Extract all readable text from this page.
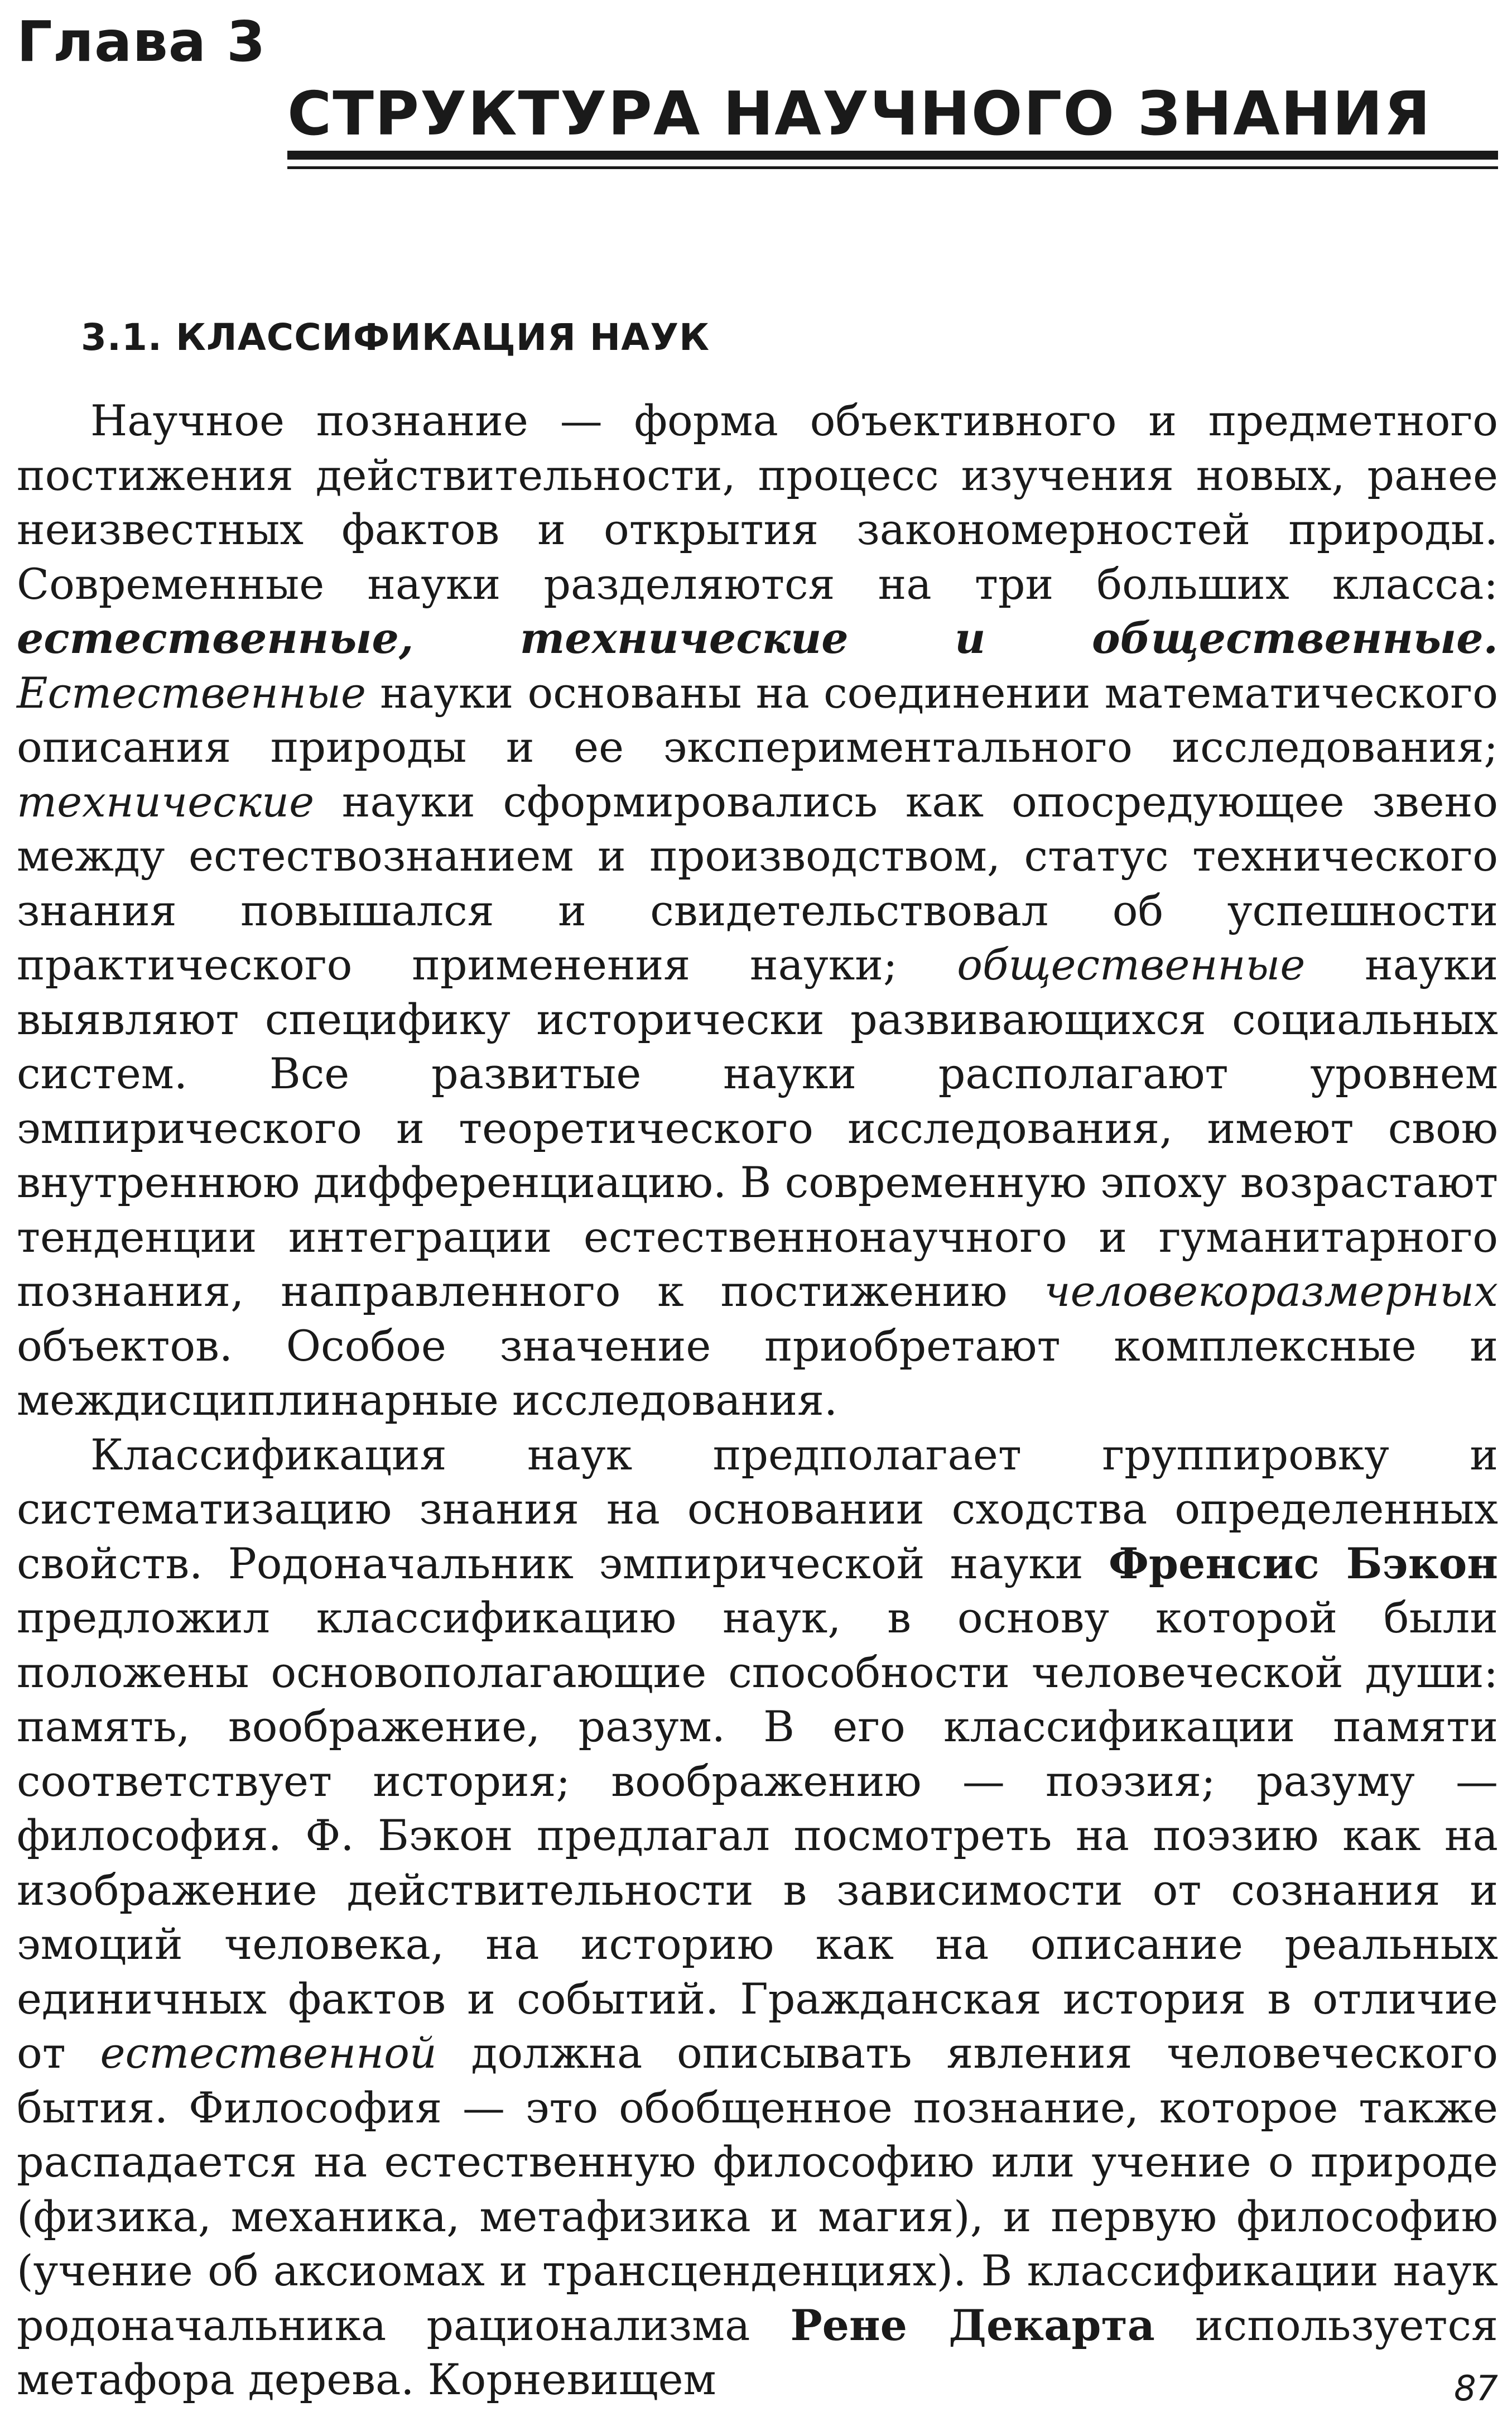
Глава 3
СТРУКТУРА НАУЧНОГО ЗНАНИЯ
3.1. КЛАССИФИКАЦИЯ НАУК

Научное познание — форма объективного и предметного постижения действительности, процесс изучения новых, ранее неизвестных фактов и открытия закономерностей природы. Современные науки разделяются на три больших класса: естественные, технические и общественные. Естественные науки основаны на соединении математического описания природы и ее экспериментального исследования; технические науки сформировались как опосредующее звено между естествознанием и производством, статус технического знания повышался и свидетельствовал об успешности практического применения науки; общественные науки выявляют специфику исторически развивающихся социальных систем. Все развитые науки располагают уровнем эмпирического и теоретического исследования, имеют свою внутреннюю дифференциацию. В современную эпоху возрастают тенденции интеграции естественнонаучного и гуманитарного познания, направленного к постижению человекоразмерных объектов. Особое значение приобретают комплексные и междисциплинарные исследования.

Классификация наук предполагает группировку и систематизацию знания на основании сходства определенных свойств. Родоначальник эмпирической науки Френсис Бэкон предложил классификацию наук, в основу которой были положены основополагающие способности человеческой души: память, воображение, разум. В его классификации памяти соответствует история; воображению — поэзия; разуму — философия. Ф. Бэкон предлагал посмотреть на поэзию как на изображение действительности в зависимости от сознания и эмоций человека, на историю как на описание реальных единичных фактов и событий. Гражданская история в отличие от естественной должна описывать явления человеческого бытия. Философия — это обобщенное познание, которое также распадается на естественную философию или учение о природе (физика, механика, метафизика и магия), и первую философию (учение об аксиомах и трансценденциях). В классификации наук родоначальника рационализма Рене Декарта используется метафора дерева. Корневищем	87
